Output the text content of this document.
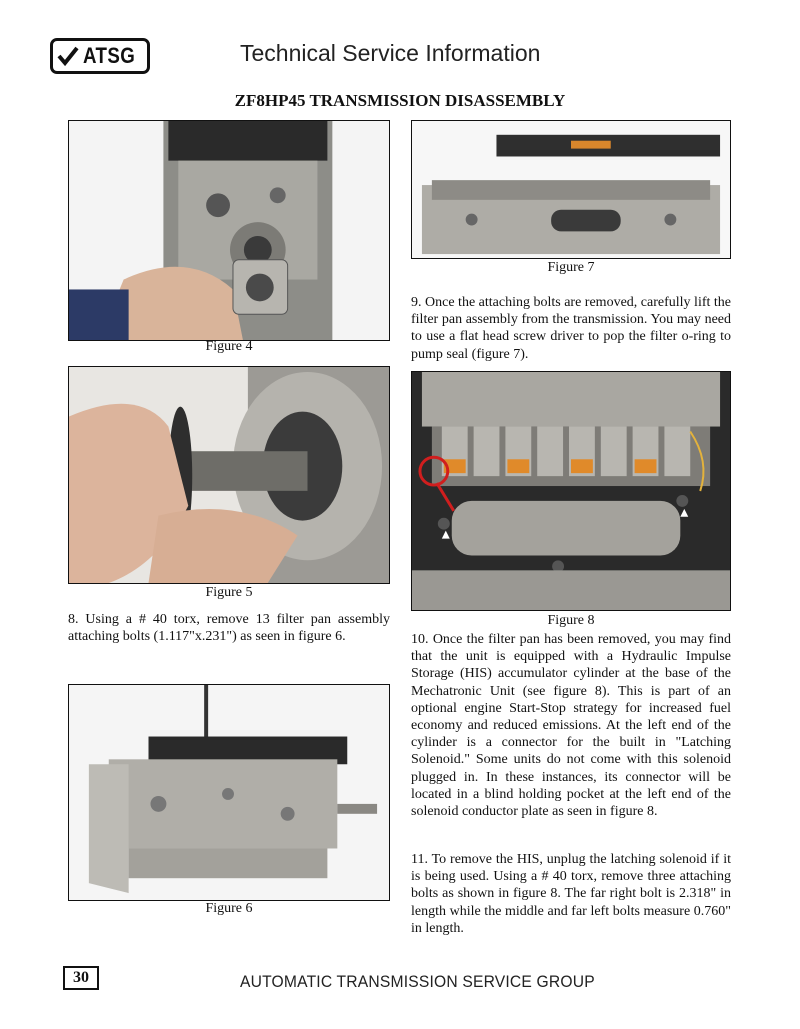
ATSG	Technical Service Information
ZF8HP45 TRANSMISSION DISASSEMBLY
Figure 4
Figure 5
8. Using a # 40 torx, remove 13 filter pan assembly attaching bolts (1.117"x.231") as seen in figure 6.
Figure 6
Figure 7
9. Once the attaching bolts are removed, carefully lift the filter pan assembly from the transmission. You may need to use a flat head screw driver to pop the filter o-ring to pump seal (figure 7).
Figure 8
10. Once the filter pan has been removed, you may find that the unit is equipped with a Hydraulic Impulse Storage (HIS) accumulator cylinder at the base of the Mechatronic Unit (see figure 8). This is part of an optional engine Start-Stop strategy for increased fuel economy and reduced emissions. At the left end of the cylinder is a connector for the built in "Latching Solenoid." Some units do not come with this solenoid plugged in. In these instances, its connector will be located in a blind holding pocket at the left end of the solenoid conductor plate as seen in figure 8.
11. To remove the HIS, unplug the latching solenoid if it is being used. Using a # 40 torx, remove three attaching bolts as shown in figure 8. The far right bolt is 2.318" in length while the middle and far left bolts measure 0.760" in length.
30	AUTOMATIC TRANSMISSION SERVICE GROUP
